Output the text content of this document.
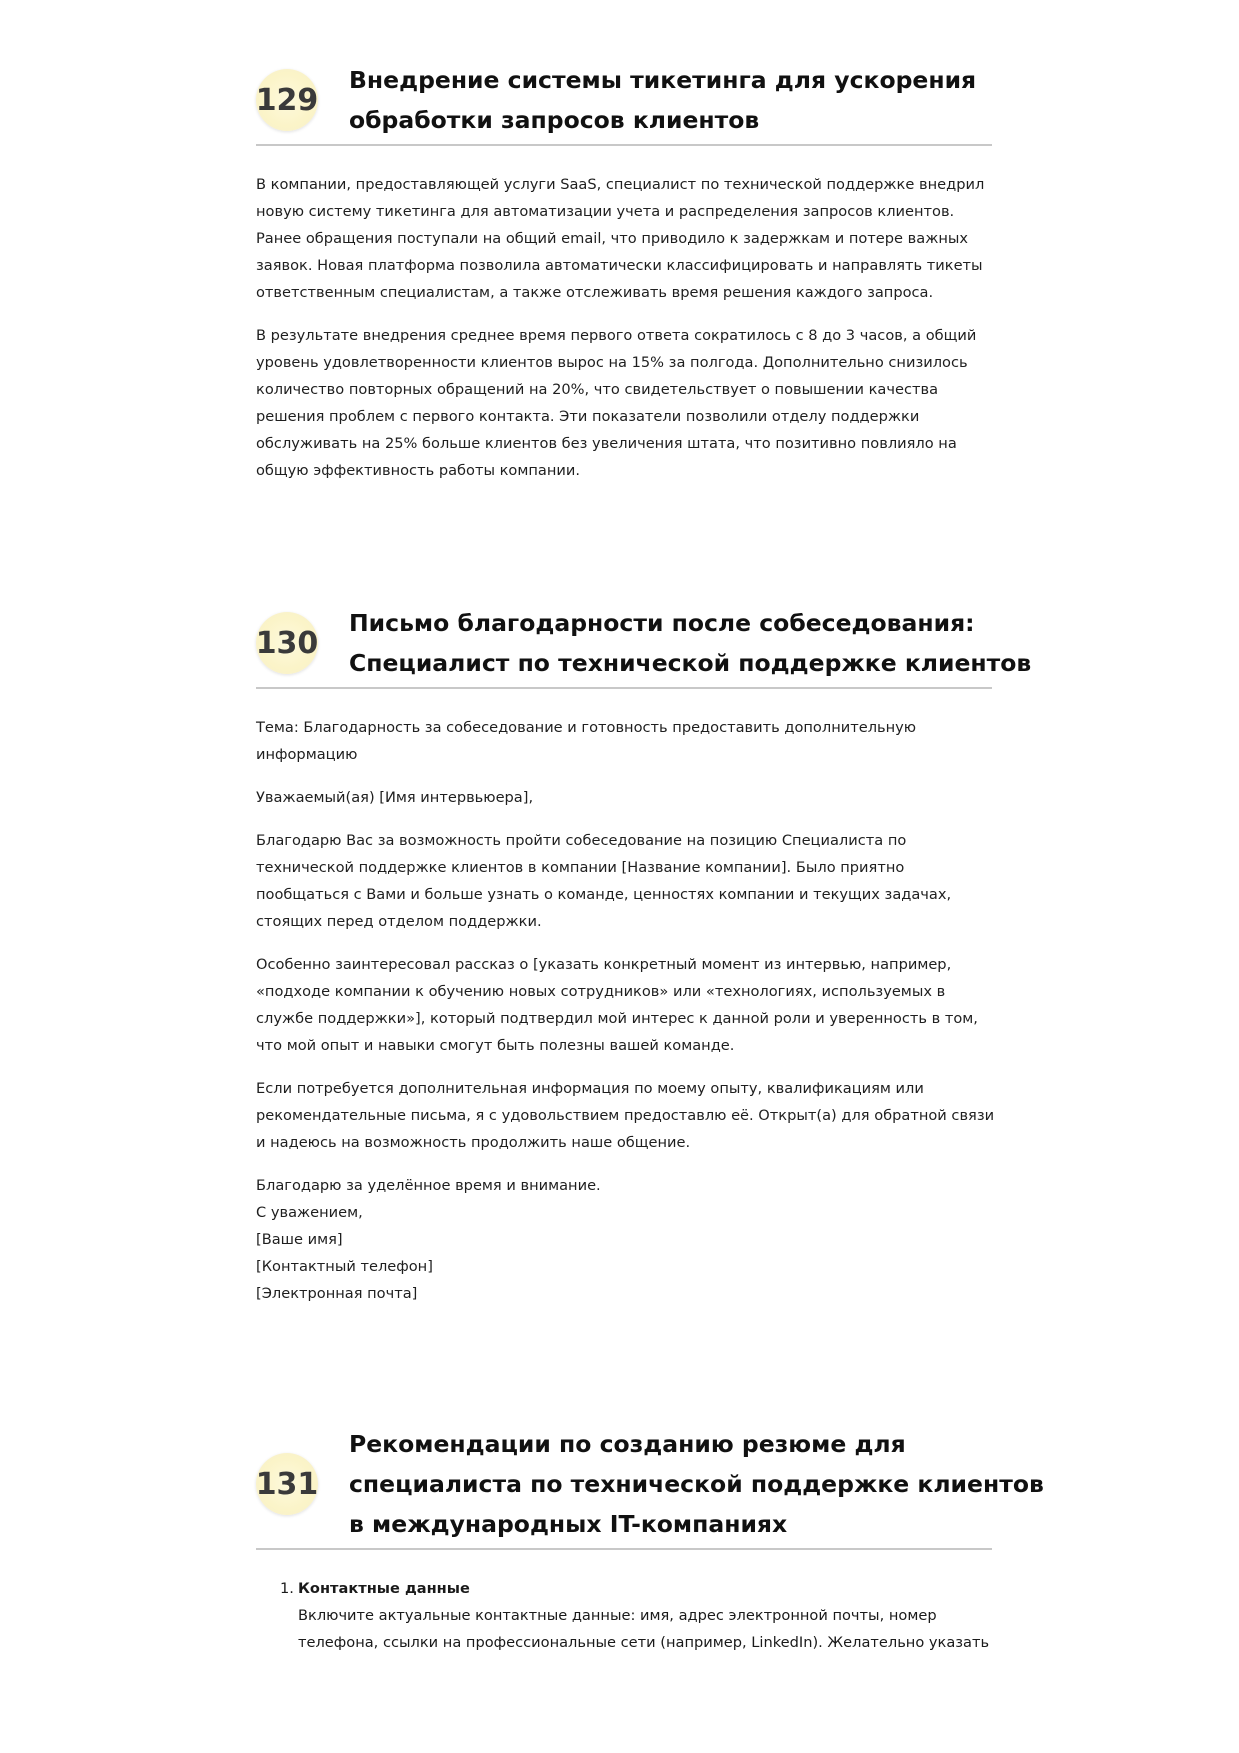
129
Внедрение системы тикетинга для ускорения
обработки запросов клиентов

В компании, предоставляющей услуги SaaS, специалист по технической поддержке внедрил
новую систему тикетинга для автоматизации учета и распределения запросов клиентов.
Ранее обращения поступали на общий email, что приводило к задержкам и потере важных
заявок. Новая платформа позволила автоматически классифицировать и направлять тикеты
ответственным специалистам, а также отслеживать время решения каждого запроса.

В результате внедрения среднее время первого ответа сократилось с 8 до 3 часов, а общий
уровень удовлетворенности клиентов вырос на 15% за полгода. Дополнительно снизилось
количество повторных обращений на 20%, что свидетельствует о повышении качества
решения проблем с первого контакта. Эти показатели позволили отделу поддержки
обслуживать на 25% больше клиентов без увеличения штата, что позитивно повлияло на
общую эффективность работы компании.

130
Письмо благодарности после собеседования:
Специалист по технической поддержке клиентов

Тема: Благодарность за собеседование и готовность предоставить дополнительную
информацию

Уважаемый(ая) [Имя интервьюера],

Благодарю Вас за возможность пройти собеседование на позицию Специалиста по
технической поддержке клиентов в компании [Название компании]. Было приятно
пообщаться с Вами и больше узнать о команде, ценностях компании и текущих задачах,
стоящих перед отделом поддержки.

Особенно заинтересовал рассказ о [указать конкретный момент из интервью, например,
«подходе компании к обучению новых сотрудников» или «технологиях, используемых в
службе поддержки»], который подтвердил мой интерес к данной роли и уверенность в том,
что мой опыт и навыки смогут быть полезны вашей команде.

Если потребуется дополнительная информация по моему опыту, квалификациям или
рекомендательные письма, я с удовольствием предоставлю её. Открыт(а) для обратной связи
и надеюсь на возможность продолжить наше общение.

Благодарю за уделённое время и внимание.
С уважением,
[Ваше имя]
[Контактный телефон]
[Электронная почта]

131
Рекомендации по созданию резюме для
специалиста по технической поддержке клиентов
в международных IT-компаниях
1. Контактные данные
Включите актуальные контактные данные: имя, адрес электронной почты, номер
телефона, ссылки на профессиональные сети (например, LinkedIn). Желательно указать
